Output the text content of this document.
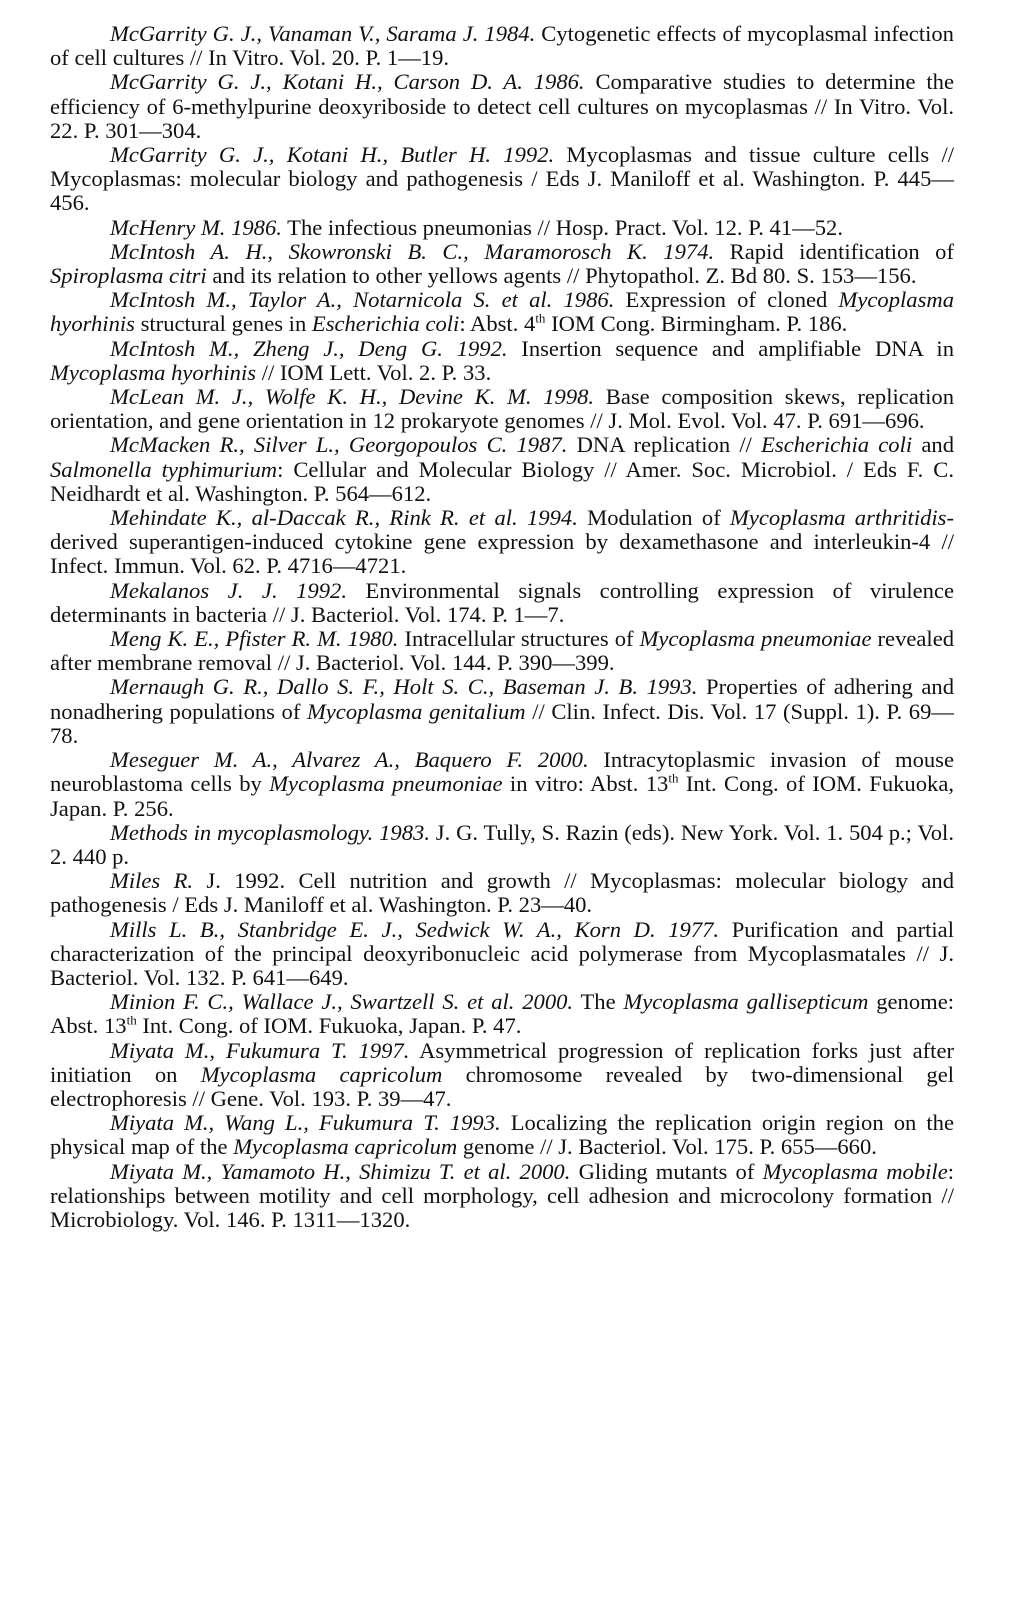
McGarrity G. J., Vanaman V., Sarama J. 1984. Cytogenetic effects of mycoplasmal infection of cell cultures // In Vitro. Vol. 20. P. 1—19.

McGarrity G. J., Kotani H., Carson D. A. 1986. Comparative studies to determine the efficiency of 6-methylpurine deoxyriboside to detect cell cultures on mycoplasmas // In Vitro. Vol. 22. P. 301—304.

McGarrity G. J., Kotani H., Butler H. 1992. Mycoplasmas and tissue culture cells // Mycoplasmas: molecular biology and pathogenesis / Eds J. Maniloff et al. Washington. P. 445—456.

McHenry M. 1986. The infectious pneumonias // Hosp. Pract. Vol. 12. P. 41—52.

McIntosh A. H., Skowronski B. C., Maramorosch K. 1974. Rapid identification of Spiroplasma citri and its relation to other yellows agents // Phytopathol. Z. Bd 80. S. 153—156.

McIntosh M., Taylor A., Notarnicola S. et al. 1986. Expression of cloned Mycoplasma hyorhinis structural genes in Escherichia coli: Abst. 4th IOM Cong. Birmingham. P. 186.

McIntosh M., Zheng J., Deng G. 1992. Insertion sequence and amplifiable DNA in Mycoplasma hyorhinis // IOM Lett. Vol. 2. P. 33.

McLean M. J., Wolfe K. H., Devine K. M. 1998. Base composition skews, replication orientation, and gene orientation in 12 prokaryote genomes // J. Mol. Evol. Vol. 47. P. 691—696.

McMacken R., Silver L., Georgopoulos C. 1987. DNA replication // Escherichia coli and Salmonella typhimurium: Cellular and Molecular Biology // Amer. Soc. Microbiol. / Eds F. C. Neidhardt et al. Washington. P. 564—612.

Mehindate K., al-Daccak R., Rink R. et al. 1994. Modulation of Mycoplasma arthritidis-derived superantigen-induced cytokine gene expression by dexamethasone and interleukin-4 // Infect. Immun. Vol. 62. P. 4716—4721.

Mekalanos J. J. 1992. Environmental signals controlling expression of virulence determinants in bacteria // J. Bacteriol. Vol. 174. P. 1—7.

Meng K. E., Pfister R. M. 1980. Intracellular structures of Mycoplasma pneumoniae revealed after membrane removal // J. Bacteriol. Vol. 144. P. 390—399.

Mernaugh G. R., Dallo S. F., Holt S. C., Baseman J. B. 1993. Properties of adhering and nonadhering populations of Mycoplasma genitalium // Clin. Infect. Dis. Vol. 17 (Suppl. 1). P. 69—78.

Meseguer M. A., Alvarez A., Baquero F. 2000. Intracytoplasmic invasion of mouse neuroblastoma cells by Mycoplasma pneumoniae in vitro: Abst. 13th Int. Cong. of IOM. Fukuoka, Japan. P. 256.

Methods in mycoplasmology. 1983. J. G. Tully, S. Razin (eds). New York. Vol. 1. 504 p.; Vol. 2. 440 p.

Miles R. J. 1992. Cell nutrition and growth // Mycoplasmas: molecular biology and pathogenesis / Eds J. Maniloff et al. Washington. P. 23—40.

Mills L. B., Stanbridge E. J., Sedwick W. A., Korn D. 1977. Purification and partial characterization of the principal deoxyribonucleic acid polymerase from Mycoplasmatales // J. Bacteriol. Vol. 132. P. 641—649.

Minion F. C., Wallace J., Swartzell S. et al. 2000. The Mycoplasma gallisepticum genome: Abst. 13th Int. Cong. of IOM. Fukuoka, Japan. P. 47.

Miyata M., Fukumura T. 1997. Asymmetrical progression of replication forks just after initiation on Mycoplasma capricolum chromosome revealed by two-dimensional gel electrophoresis // Gene. Vol. 193. P. 39—47.

Miyata M., Wang L., Fukumura T. 1993. Localizing the replication origin region on the physical map of the Mycoplasma capricolum genome // J. Bacteriol. Vol. 175. P. 655—660.

Miyata M., Yamamoto H., Shimizu T. et al. 2000. Gliding mutants of Mycoplasma mobile: relationships between motility and cell morphology, cell adhesion and microcolony formation // Microbiology. Vol. 146. P. 1311—1320.
